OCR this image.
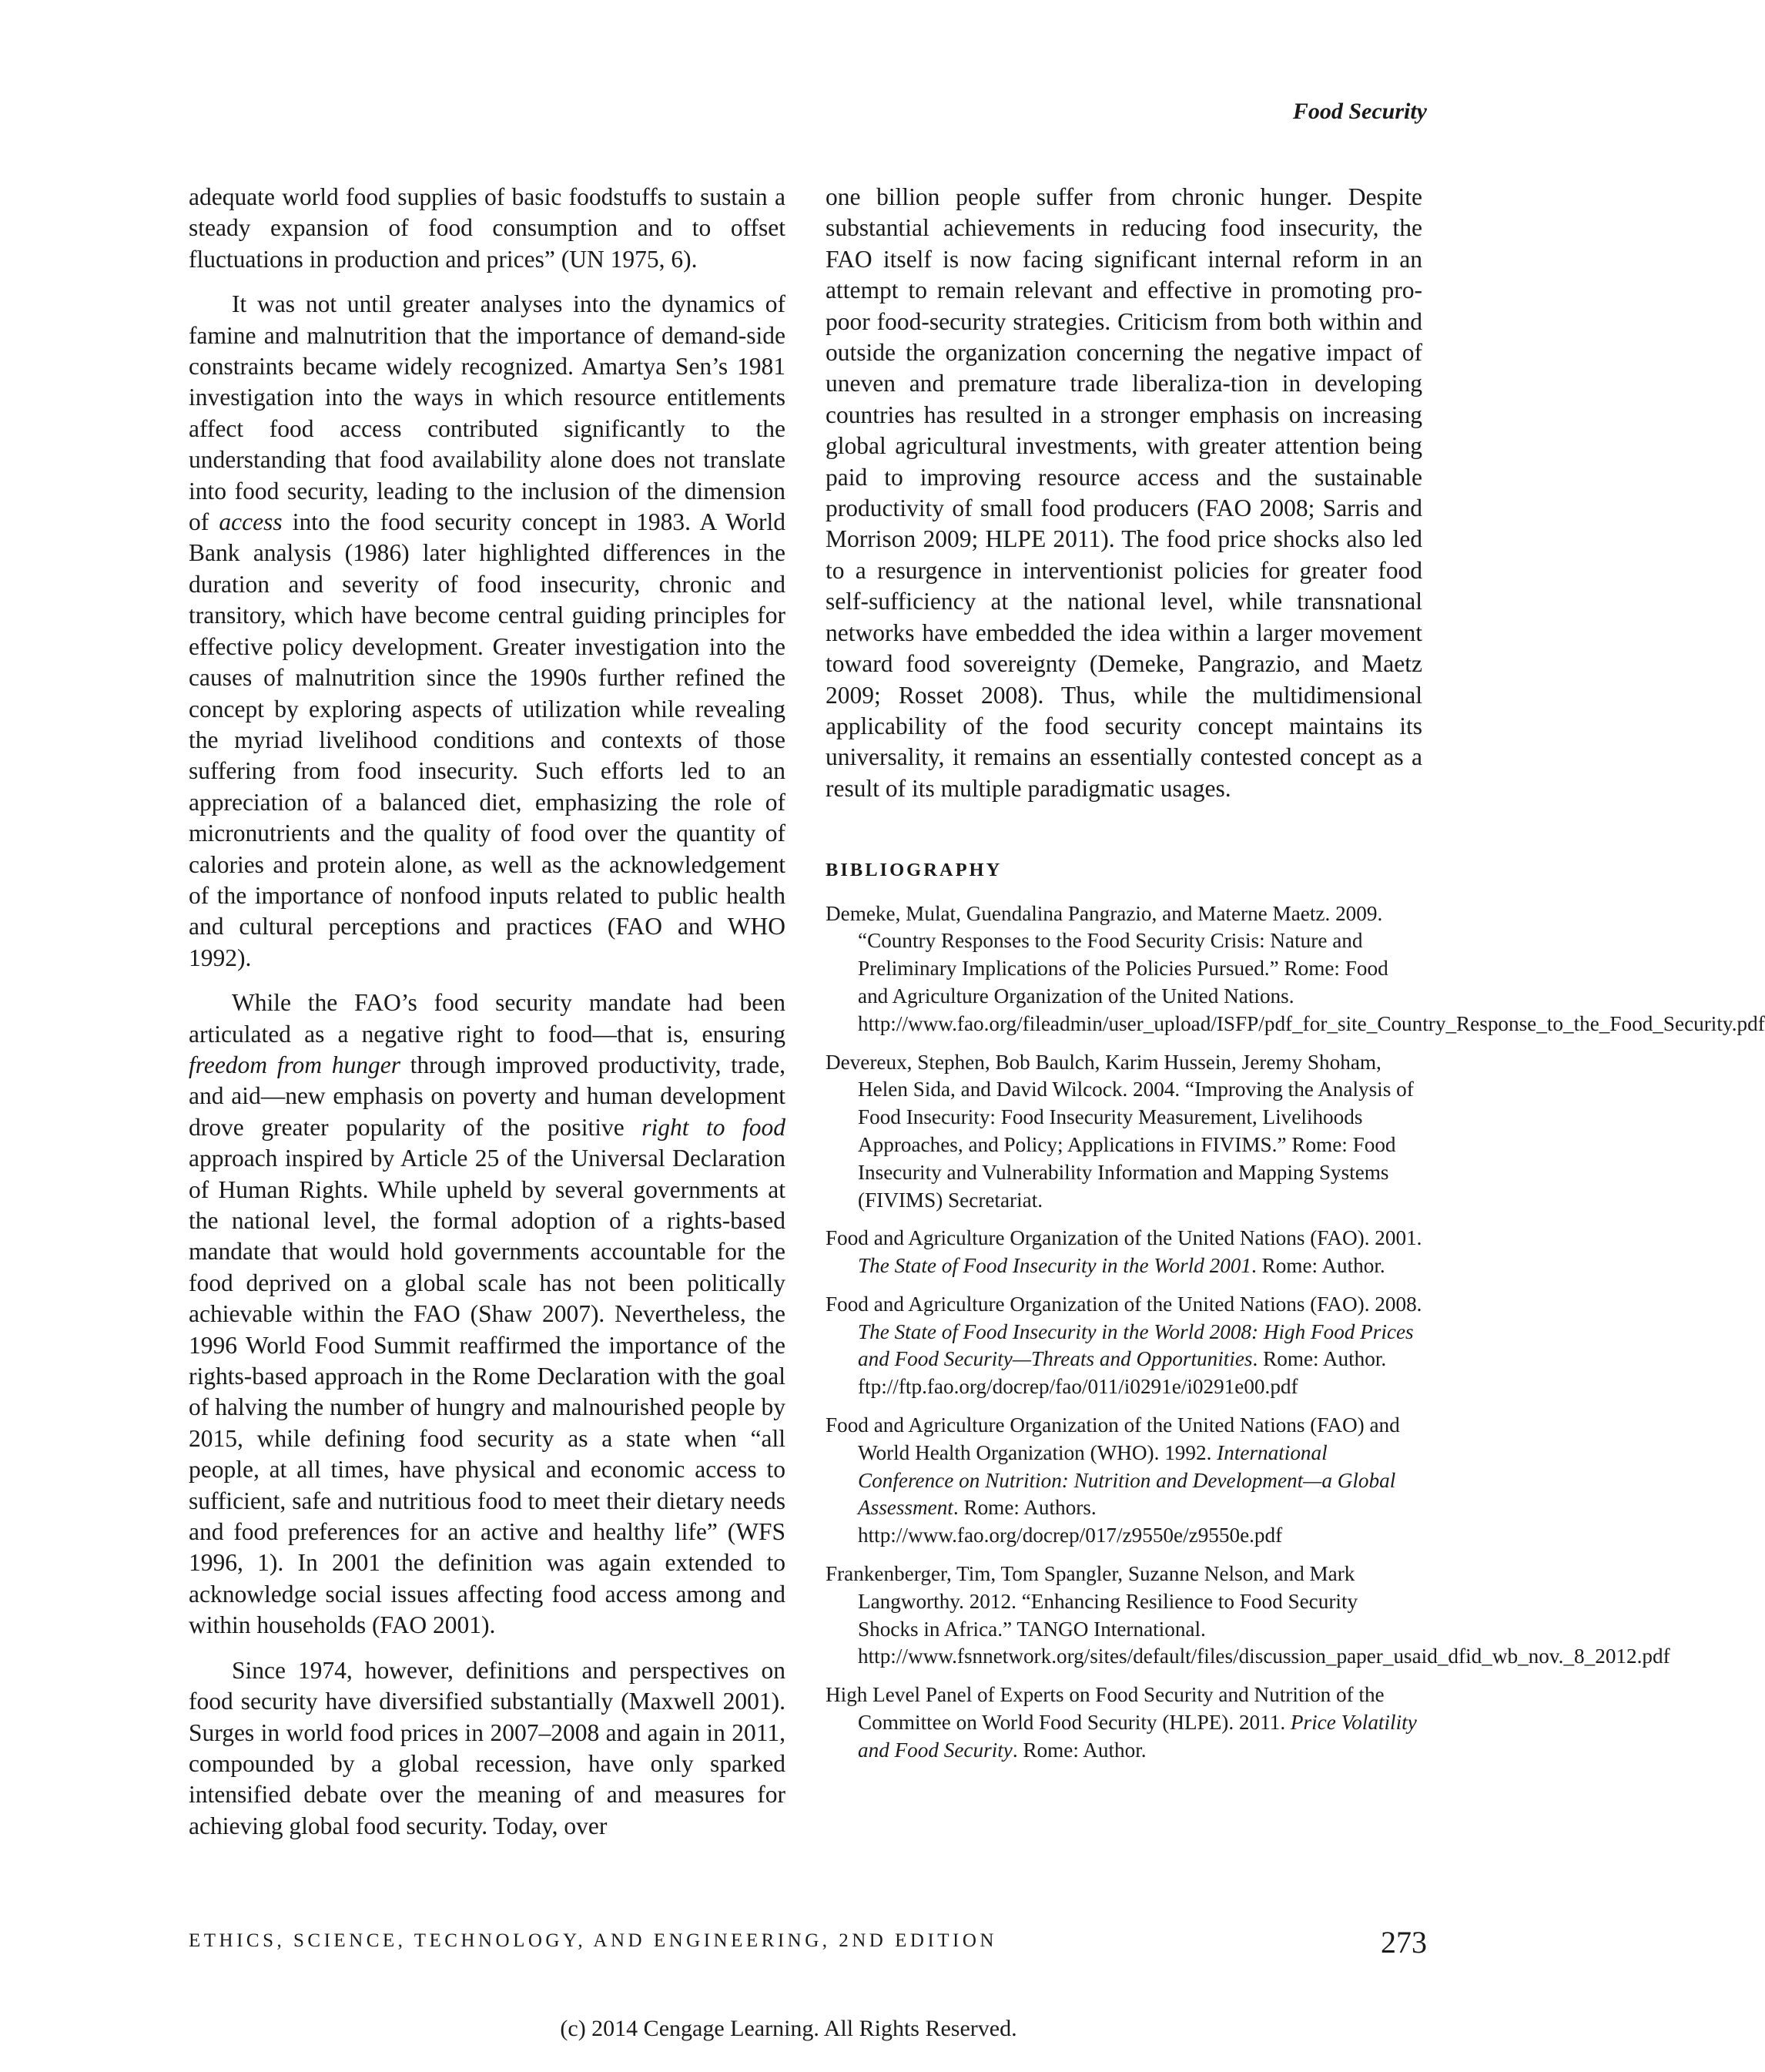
Food Security

adequate world food supplies of basic foodstuffs to sustain a steady expansion of food consumption and to offset fluctuations in production and prices” (UN 1975, 6).

It was not until greater analyses into the dynamics of famine and malnutrition that the importance of demand-side constraints became widely recognized. Amartya Sen’s 1981 investigation into the ways in which resource entitlements affect food access contributed significantly to the understanding that food availability alone does not translate into food security, leading to the inclusion of the dimension of access into the food security concept in 1983. A World Bank analysis (1986) later highlighted differences in the duration and severity of food insecurity, chronic and transitory, which have become central guiding principles for effective policy development. Greater investigation into the causes of malnutrition since the 1990s further refined the concept by exploring aspects of utilization while revealing the myriad livelihood conditions and contexts of those suffering from food insecurity. Such efforts led to an appreciation of a balanced diet, emphasizing the role of micronutrients and the quality of food over the quantity of calories and protein alone, as well as the acknowledgement of the importance of nonfood inputs related to public health and cultural perceptions and practices (FAO and WHO 1992).

While the FAO’s food security mandate had been articulated as a negative right to food—that is, ensuring freedom from hunger through improved productivity, trade, and aid—new emphasis on poverty and human development drove greater popularity of the positive right to food approach inspired by Article 25 of the Universal Declaration of Human Rights. While upheld by several governments at the national level, the formal adoption of a rights-based mandate that would hold governments accountable for the food deprived on a global scale has not been politically achievable within the FAO (Shaw 2007). Nevertheless, the 1996 World Food Summit reaffirmed the importance of the rights-based approach in the Rome Declaration with the goal of halving the number of hungry and malnourished people by 2015, while defining food security as a state when “all people, at all times, have physical and economic access to sufficient, safe and nutritious food to meet their dietary needs and food preferences for an active and healthy life” (WFS 1996, 1). In 2001 the definition was again extended to acknowledge social issues affecting food access among and within households (FAO 2001).

Since 1974, however, definitions and perspectives on food security have diversified substantially (Maxwell 2001). Surges in world food prices in 2007–2008 and again in 2011, compounded by a global recession, have only sparked intensified debate over the meaning of and measures for achieving global food security. Today, over

one billion people suffer from chronic hunger. Despite substantial achievements in reducing food insecurity, the FAO itself is now facing significant internal reform in an attempt to remain relevant and effective in promoting pro-poor food-security strategies. Criticism from both within and outside the organization concerning the negative impact of uneven and premature trade liberaliza-tion in developing countries has resulted in a stronger emphasis on increasing global agricultural investments, with greater attention being paid to improving resource access and the sustainable productivity of small food producers (FAO 2008; Sarris and Morrison 2009; HLPE 2011). The food price shocks also led to a resurgence in interventionist policies for greater food self-sufficiency at the national level, while transnational networks have embedded the idea within a larger movement toward food sovereignty (Demeke, Pangrazio, and Maetz 2009; Rosset 2008). Thus, while the multidimensional applicability of the food security concept maintains its universality, it remains an essentially contested concept as a result of its multiple paradigmatic usages.

BIBLIOGRAPHY
Demeke, Mulat, Guendalina Pangrazio, and Materne Maetz. 2009. “Country Responses to the Food Security Crisis: Nature and Preliminary Implications of the Policies Pursued.” Rome: Food and Agriculture Organization of the United Nations. http://www.fao.org/fileadmin/user_upload/ISFP/pdf_for_site_Country_Response_to_the_Food_Security.pdf
Devereux, Stephen, Bob Baulch, Karim Hussein, Jeremy Shoham, Helen Sida, and David Wilcock. 2004. “Improving the Analysis of Food Insecurity: Food Insecurity Measurement, Livelihoods Approaches, and Policy; Applications in FIVIMS.” Rome: Food Insecurity and Vulnerability Information and Mapping Systems (FIVIMS) Secretariat.
Food and Agriculture Organization of the United Nations (FAO). 2001. The State of Food Insecurity in the World 2001. Rome: Author.
Food and Agriculture Organization of the United Nations (FAO). 2008. The State of Food Insecurity in the World 2008: High Food Prices and Food Security—Threats and Opportunities. Rome: Author. ftp://ftp.fao.org/docrep/fao/011/i0291e/i0291e00.pdf
Food and Agriculture Organization of the United Nations (FAO) and World Health Organization (WHO). 1992. International Conference on Nutrition: Nutrition and Development—a Global Assessment. Rome: Authors. http://www.fao.org/docrep/017/z9550e/z9550e.pdf
Frankenberger, Tim, Tom Spangler, Suzanne Nelson, and Mark Langworthy. 2012. “Enhancing Resilience to Food Security Shocks in Africa.” TANGO International. http://www.fsnnetwork.org/sites/default/files/discussion_paper_usaid_dfid_wb_nov._8_2012.pdf
High Level Panel of Experts on Food Security and Nutrition of the Committee on World Food Security (HLPE). 2011. Price Volatility and Food Security. Rome: Author.
ETHICS, SCIENCE, TECHNOLOGY, AND ENGINEERING, 2ND EDITION	273
(c) 2014 Cengage Learning. All Rights Reserved.
